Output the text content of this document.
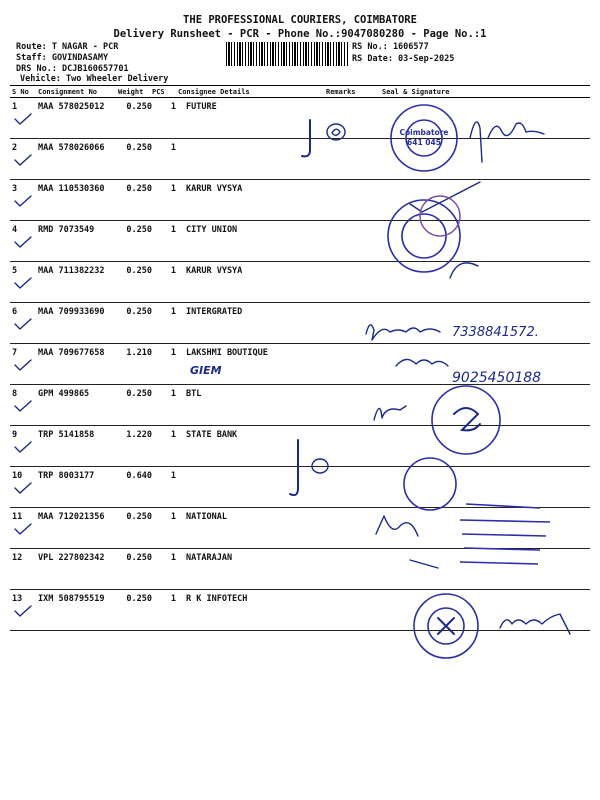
THE PROFESSIONAL COURIERS, COIMBATORE
Delivery Runsheet - PCR - Phone No.:9047080280 - Page No.:1
Route: T NAGAR - PCR
Staff: GOVINDASAMY
DRS No.: DCJB160657701
Vehicle: Two Wheeler Delivery
RS No.: 1606577
RS Date: 03-Sep-2025
S No Consignment No	Weight PCS Consignee Details	Remarks	Seal & Signature
1 MAA 578025012	0.250	1 FUTURE
2 MAA 578026066	0.250	1
3 MAA 110530360	0.250	1 KARUR VYSYA
4 RMD 7073549	0.250	1 CITY UNION
5 MAA 711382232	0.250	1 KARUR VYSYA
6 MAA 709933690	0.250	1 INTERGRATED
7 MAA 709677658	1.210	1 LAKSHMI BOUTIQUE
8 GPM 499865	0.250	1 BTL
9 TRP 5141858	1.220	1 STATE BANK
10 TRP 8003177	0.640	1
11 MAA 712021356	0.250	1 NATIONAL
12 VPL 227802342	0.250	1 NATARAJAN
13 IXM 508795519	0.250	1 R K INFOTECH
Coimbatore
641 045
7338841572.
9025450188
GIEM
